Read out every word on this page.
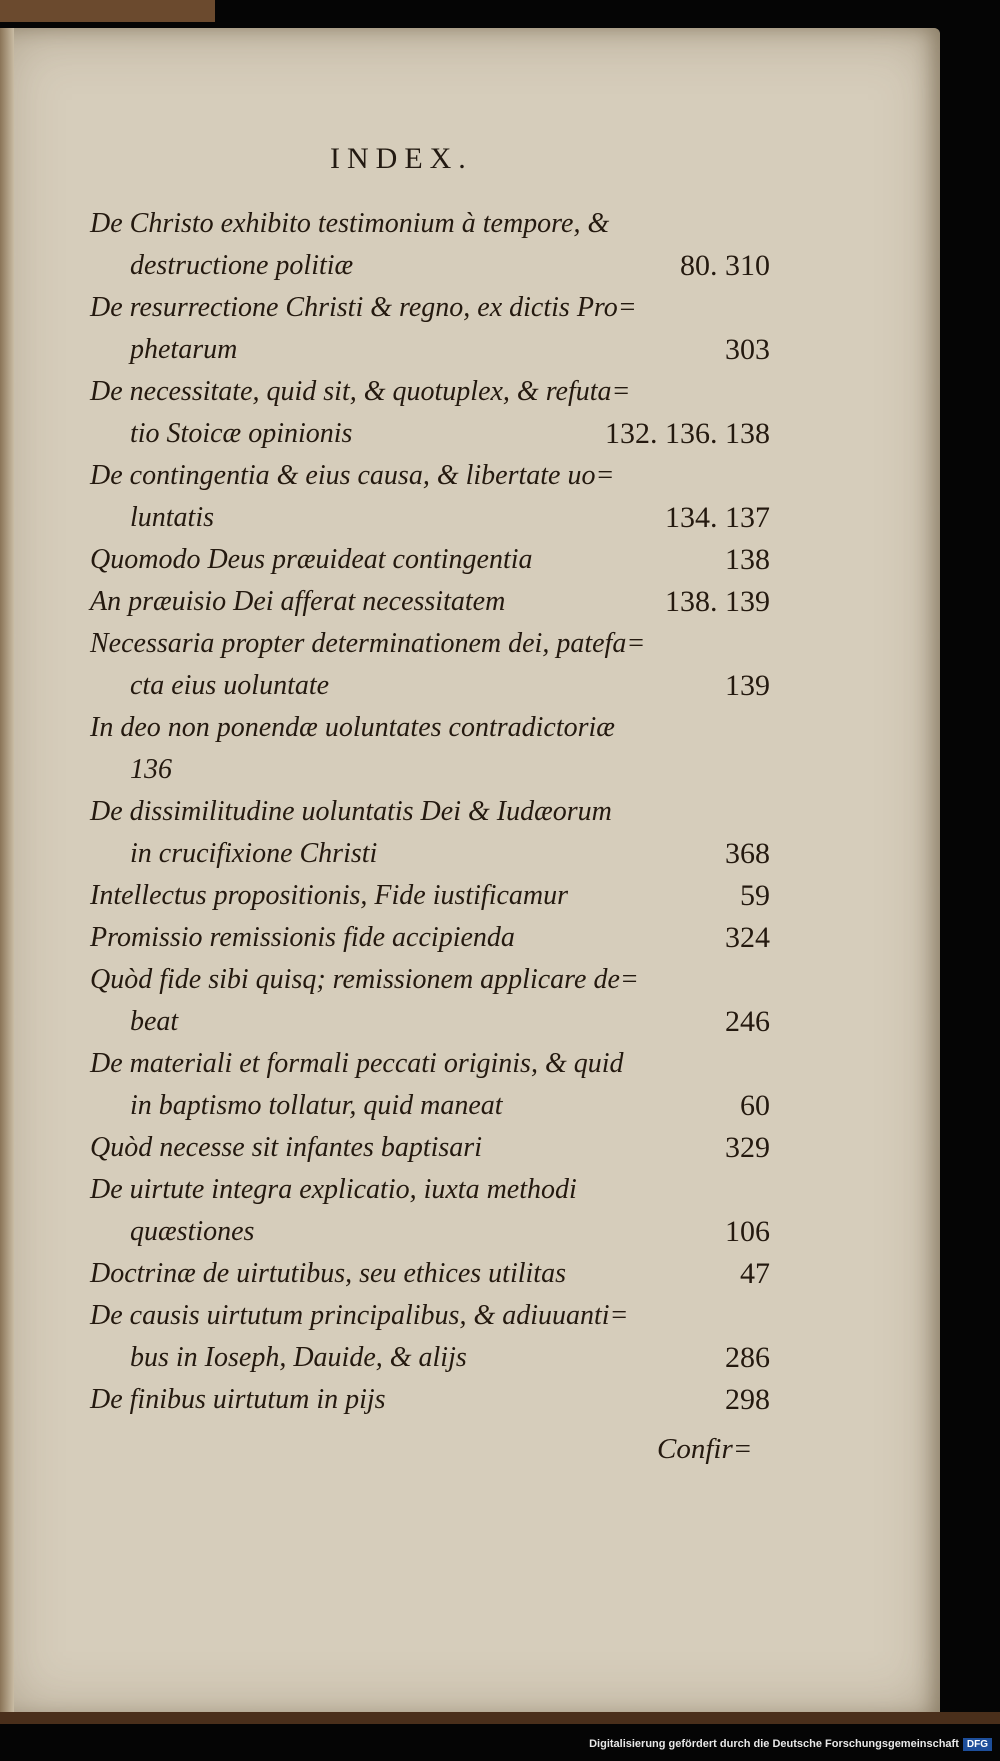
INDEX.
De Christo exhibito testimonium à tempore, &
destructione politiæ	80. 310
De resurrectione Christi & regno, ex dictis Pro=
phetarum	303
De necessitate, quid sit, & quotuplex, & refuta=
tio Stoicæ opinionis	132. 136. 138
De contingentia & eius causa, & libertate uo=
luntatis	134. 137
Quomodo Deus præuideat contingentia	138
An præuisio Dei afferat necessitatem	138. 139
Necessaria propter determinationem dei, patefa=
cta eius uoluntate	139
In deo non ponendæ uoluntates contradictoriæ
136
De dissimilitudine uoluntatis Dei & Iudæorum
in crucifixione Christi	368
Intellectus propositionis, Fide iustificamur	59
Promissio remissionis fide accipienda	324
Quòd fide sibi quisq; remissionem applicare de=
beat	246
De materiali et formali peccati originis, & quid
in baptismo tollatur, quid maneat	60
Quòd necesse sit infantes baptisari	329
De uirtute integra explicatio, iuxta methodi
quæstiones	106
Doctrinæ de uirtutibus, seu ethices utilitas	47
De causis uirtutum principalibus, & adiuuanti=
bus in Ioseph, Dauide, & alijs	286
De finibus uirtutum in pijs	298
Confir=
Digitalisierung gefördert durch die Deutsche Forschungsgemeinschaft DFG
